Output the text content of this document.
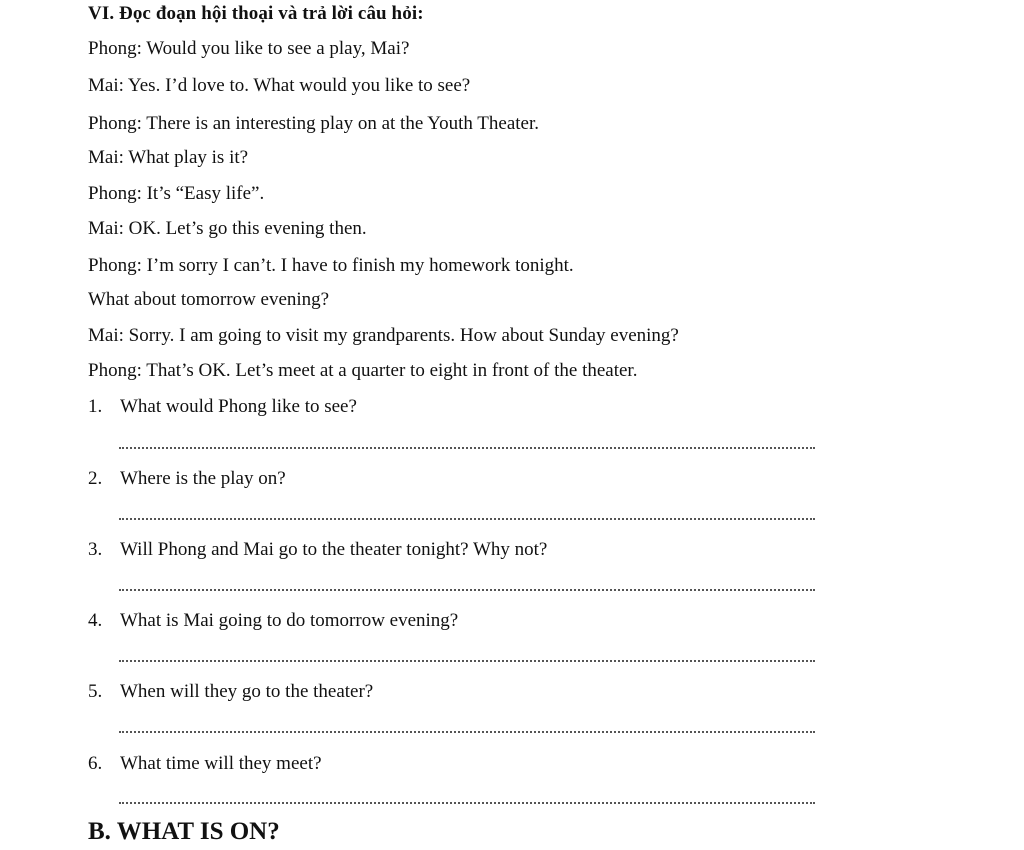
VI. Đọc đoạn hội thoại và trả lời câu hỏi:
Phong: Would you like to see a play, Mai?
Mai: Yes. I’d love to. What would you like to see?
Phong: There is an interesting play on at the Youth Theater.
Mai: What play is it?
Phong: It’s “Easy life”.
Mai: OK. Let’s go this evening then.
Phong: I’m sorry I can’t. I have to finish my homework tonight.
What about tomorrow evening?
Mai: Sorry. I am going to visit my grandparents. How about Sunday evening?
Phong: That’s OK. Let’s meet at a quarter to eight in front of the theater.
1. What would Phong like to see?
2. Where is the play on?
3. Will Phong and Mai go to the theater tonight? Why not?
4. What is Mai going to do tomorrow evening?
5. When will they go to the theater?
6. What time will they meet?
B. WHAT IS ON?
